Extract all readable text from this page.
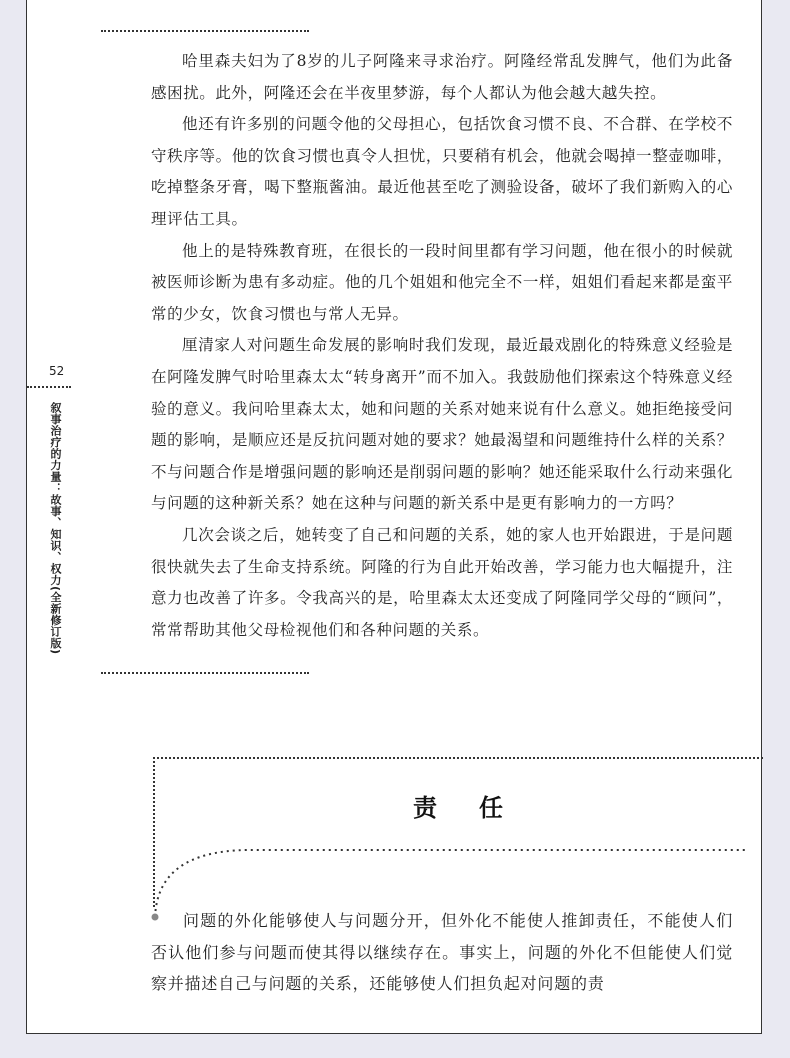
哈里森夫妇为了8岁的儿子阿隆来寻求治疗。阿隆经常乱发脾气，他们为此备感困扰。此外，阿隆还会在半夜里梦游，每个人都认为他会越大越失控。

他还有许多别的问题令他的父母担心，包括饮食习惯不良、不合群、在学校不守秩序等。他的饮食习惯也真令人担忧，只要稍有机会，他就会喝掉一整壶咖啡，吃掉整条牙膏，喝下整瓶酱油。最近他甚至吃了测验设备，破坏了我们新购入的心理评估工具。

他上的是特殊教育班，在很长的一段时间里都有学习问题，他在很小的时候就被医师诊断为患有多动症。他的几个姐姐和他完全不一样，姐姐们看起来都是蛮平常的少女，饮食习惯也与常人无异。

厘清家人对问题生命发展的影响时我们发现，最近最戏剧化的特殊意义经验是在阿隆发脾气时哈里森太太“转身离开”而不加入。我鼓励他们探索这个特殊意义经验的意义。我问哈里森太太，她和问题的关系对她来说有什么意义。她拒绝接受问题的影响，是顺应还是反抗问题对她的要求？她最渴望和问题维持什么样的关系？不与问题合作是增强问题的影响还是削弱问题的影响？她还能采取什么行动来强化与问题的这种新关系？她在这种与问题的新关系中是更有影响力的一方吗？

几次会谈之后，她转变了自己和问题的关系，她的家人也开始跟进，于是问题很快就失去了生命支持系统。阿隆的行为自此开始改善，学习能力也大幅提升，注意力也改善了许多。令我高兴的是，哈里森太太还变成了阿隆同学父母的“顾问”，常常帮助其他父母检视他们和各种问题的关系。

52
叙事治疗的力量：故事、知识、权力(全新修订版)
责任

问题的外化能够使人与问题分开，但外化不能使人推卸责任，不能使人们否认他们参与问题而使其得以继续存在。事实上，问题的外化不但能使人们觉察并描述自己与问题的关系，还能够使人们担负起对问题的责
